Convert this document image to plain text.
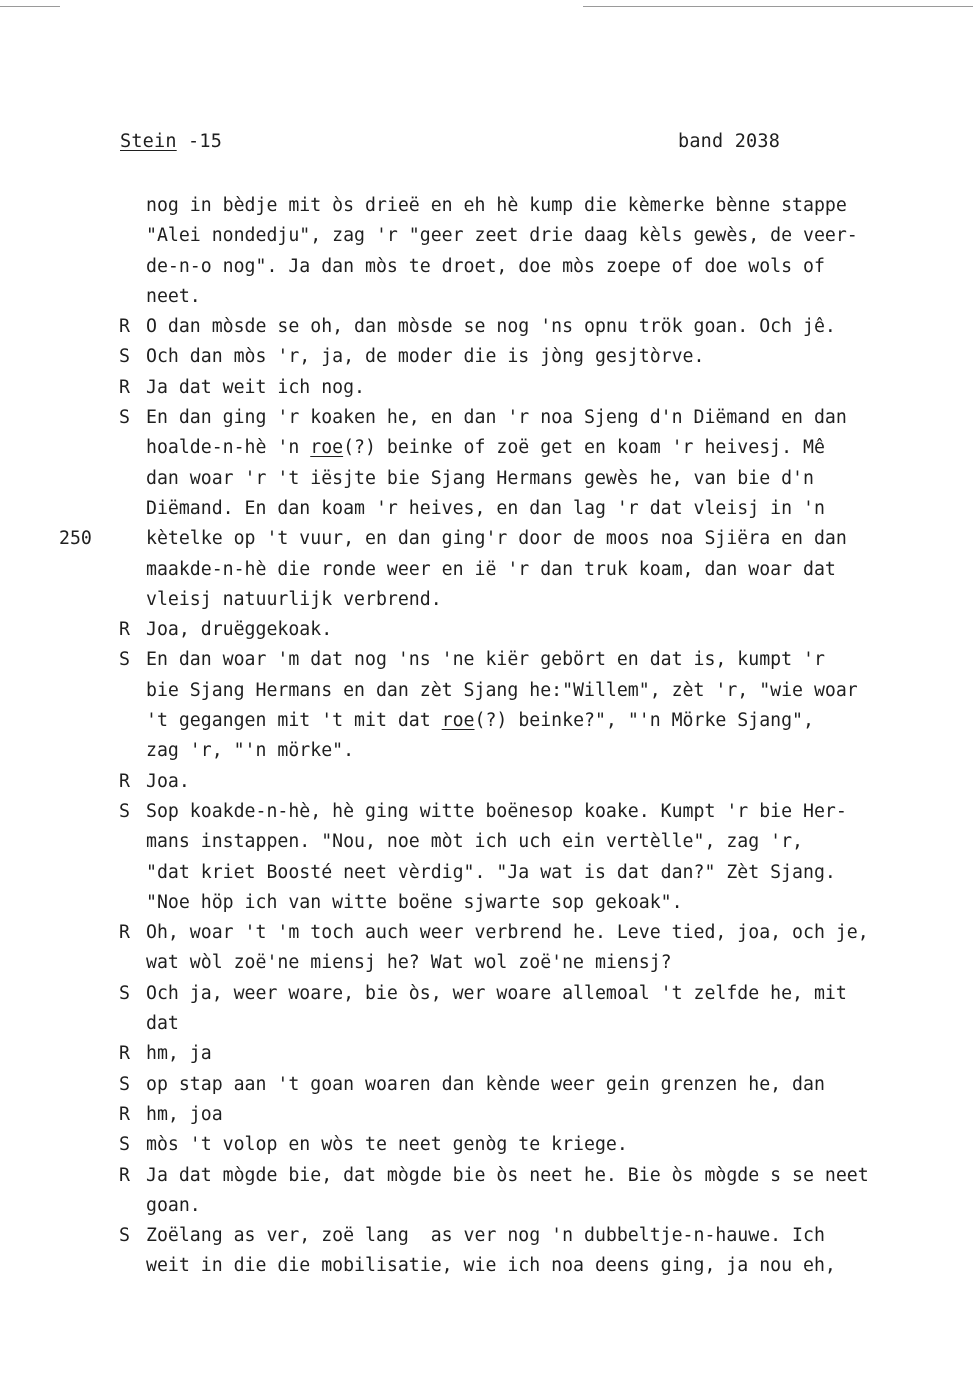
Stein -15	band 2038
nog in bèdje mit òs drieë en eh hè kump die kèmerke bènne stappe
"Alei nondedju", zag 'r "geer zeet drie daag kèls gewès, de veer-
de-n-o nog". Ja dan mòs te droet, doe mòs zoepe of doe wols of
neet.
R O dan mòsde se oh, dan mòsde se nog 'ns opnu trök goan. Och jê.
S Och dan mòs 'r, ja, de moder die is jòng gesjtòrve.
R Ja dat weit ich nog.
S En dan ging 'r koaken he, en dan 'r noa Sjeng d'n Diëmand en dan
hoalde-n-hè 'n roe(?) beinke of zoë get en koam 'r heivesj. Mê
dan woar 'r 't iësjte bie Sjang Hermans gewès he, van bie d'n
Diëmand. En dan koam 'r heives, en dan lag 'r dat vleisj in 'n
250	kètelke op 't vuur, en dan ging'r door de moos noa Sjiëra en dan
maakde-n-hè die ronde weer en ië 'r dan truk koam, dan woar dat
vleisj natuurlijk verbrend.
R Joa, druëggekoak.
S En dan woar 'm dat nog 'ns 'ne kiër gebört en dat is, kumpt 'r
bie Sjang Hermans en dan zèt Sjang he:"Willem", zèt 'r, "wie woar
't gegangen mit 't mit dat roe(?) beinke?", "'n Mörke Sjang",
zag 'r, "'n mörke".
R Joa.
S Sop koakde-n-hè, hè ging witte boënesop koake. Kumpt 'r bie Her-
mans instappen. "Nou, noe mòt ich uch ein vertèlle", zag 'r,
"dat kriet Boosté neet vèrdig". "Ja wat is dat dan?" Zèt Sjang.
"Noe höp ich van witte boëne sjwarte sop gekoak".
R Oh, woar 't 'm toch auch weer verbrend he. Leve tied, joa, och je,
wat wòl zoë'ne miensj he? Wat wol zoë'ne miensj?
S Och ja, weer woare, bie òs, wer woare allemoal 't zelfde he, mit
dat
R hm, ja
S op stap aan 't goan woaren dan kènde weer gein grenzen he, dan
R hm, joa
S mòs 't volop en wòs te neet genòg te kriege.
R Ja dat mògde bie, dat mògde bie òs neet he. Bie òs mògde s se neet
goan.
S Zoëlang as ver, zoë lang  as ver nog 'n dubbeltje-n-hauwe. Ich
weit in die die mobilisatie, wie ich noa deens ging, ja nou eh,
